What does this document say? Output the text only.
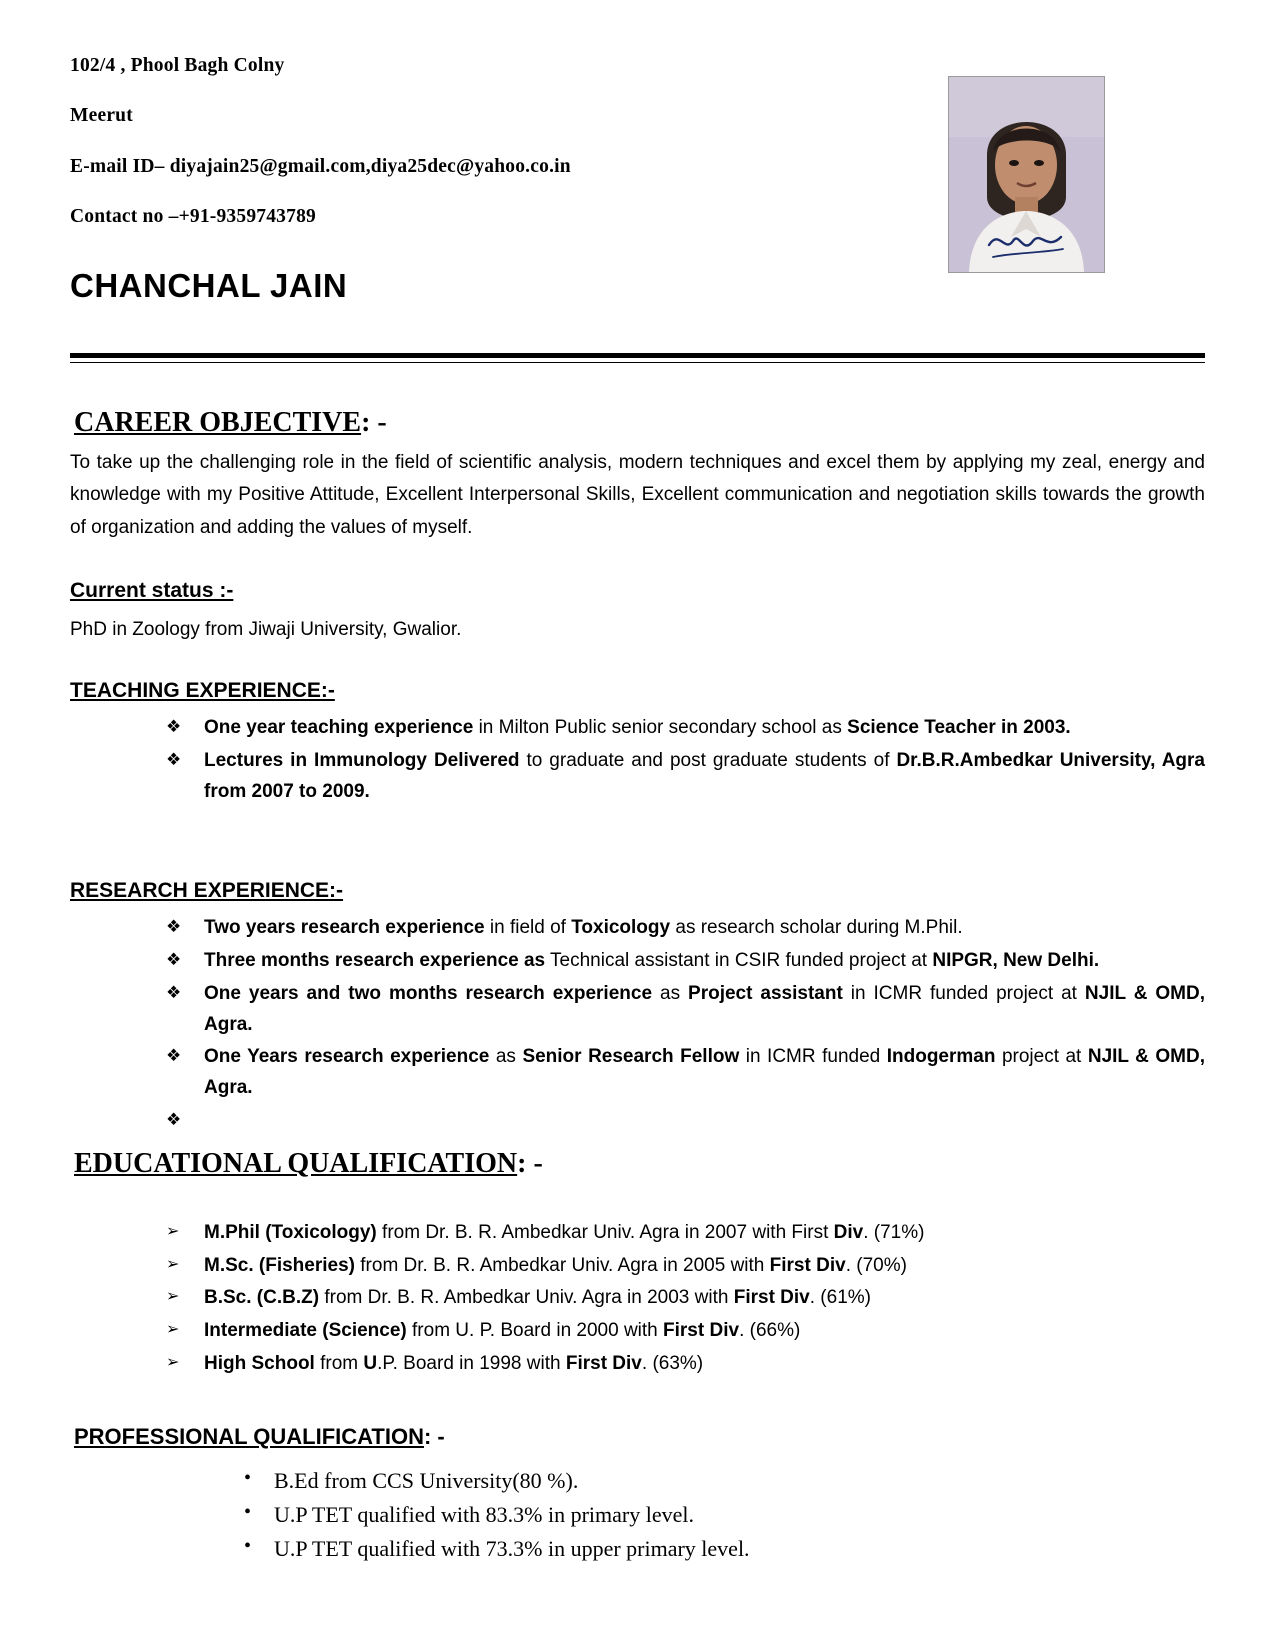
102/4 , Phool Bagh Colny

Meerut

E-mail ID– diyajain25@gmail.com,diya25dec@yahoo.co.in

Contact no –+91-9359743789

CHANCHAL JAIN
CAREER OBJECTIVE: -

To take up the challenging role in the field of scientific analysis, modern techniques and excel them by applying my zeal, energy and knowledge with my Positive Attitude, Excellent Interpersonal Skills, Excellent communication and negotiation skills towards the growth of organization and adding the values of myself.

Current status :-

PhD in Zoology from Jiwaji University, Gwalior.

TEACHING EXPERIENCE:-
❖ One year teaching experience in Milton Public senior secondary school as Science Teacher in 2003.
❖ Lectures in Immunology Delivered to graduate and post graduate students of Dr.B.R.Ambedkar University, Agra from 2007 to 2009.
RESEARCH EXPERIENCE:-
❖ Two years research experience in field of Toxicology as research scholar during M.Phil.
❖ Three months research experience as Technical assistant in CSIR funded project at NIPGR, New Delhi.
❖ One years and two months research experience as Project assistant in ICMR funded project at NJIL & OMD, Agra.
❖ One Years research experience as Senior Research Fellow in ICMR funded Indogerman project at NJIL & OMD, Agra.
❖
EDUCATIONAL QUALIFICATION: -
➢ M.Phil (Toxicology) from Dr. B. R. Ambedkar Univ. Agra in 2007 with First Div. (71%)
➢ M.Sc. (Fisheries) from Dr. B. R. Ambedkar Univ. Agra in 2005 with First Div. (70%)
➢ B.Sc. (C.B.Z) from Dr. B. R. Ambedkar Univ. Agra in 2003 with First Div. (61%)
➢ Intermediate (Science) from U. P. Board in 2000 with First Div. (66%)
➢ High School from U.P. Board in 1998 with First Div. (63%)
PROFESSIONAL QUALIFICATION: -
• B.Ed from CCS University(80 %).
• U.P TET qualified with 83.3% in primary level.
• U.P TET qualified with 73.3% in upper primary level.
